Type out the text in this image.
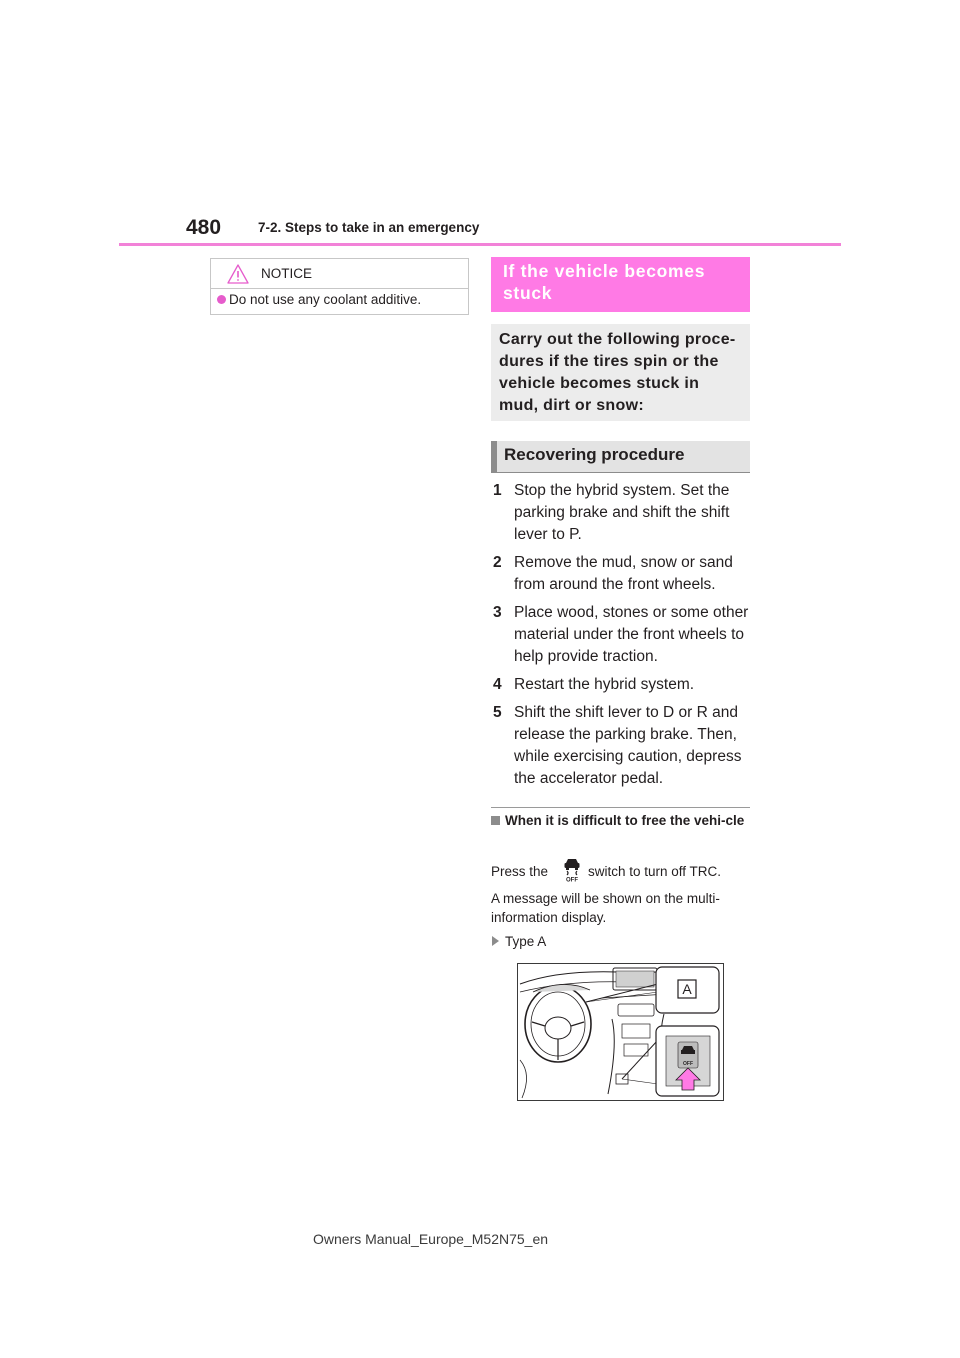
480	7-2. Steps to take in an emergency
NOTICE
Do not use any coolant additive.
If the vehicle becomes stuck
Carry out the following proce-dures if the tires spin or the vehicle becomes stuck in mud, dirt or snow:
Recovering procedure
1 Stop the hybrid system. Set the parking brake and shift the shift lever to P.
2 Remove the mud, snow or sand from around the front wheels.
3 Place wood, stones or some other material under the front wheels to help provide traction.
4 Restart the hybrid system.
5 Shift the shift lever to D or R and release the parking brake. Then, while exercising caution, depress the accelerator pedal.
When it is difficult to free the vehi-cle
Press the
OFF
switch to turn off TRC.
A message will be shown on the multi-information display.
Type A
A
OFF
Owners Manual_Europe_M52N75_en
